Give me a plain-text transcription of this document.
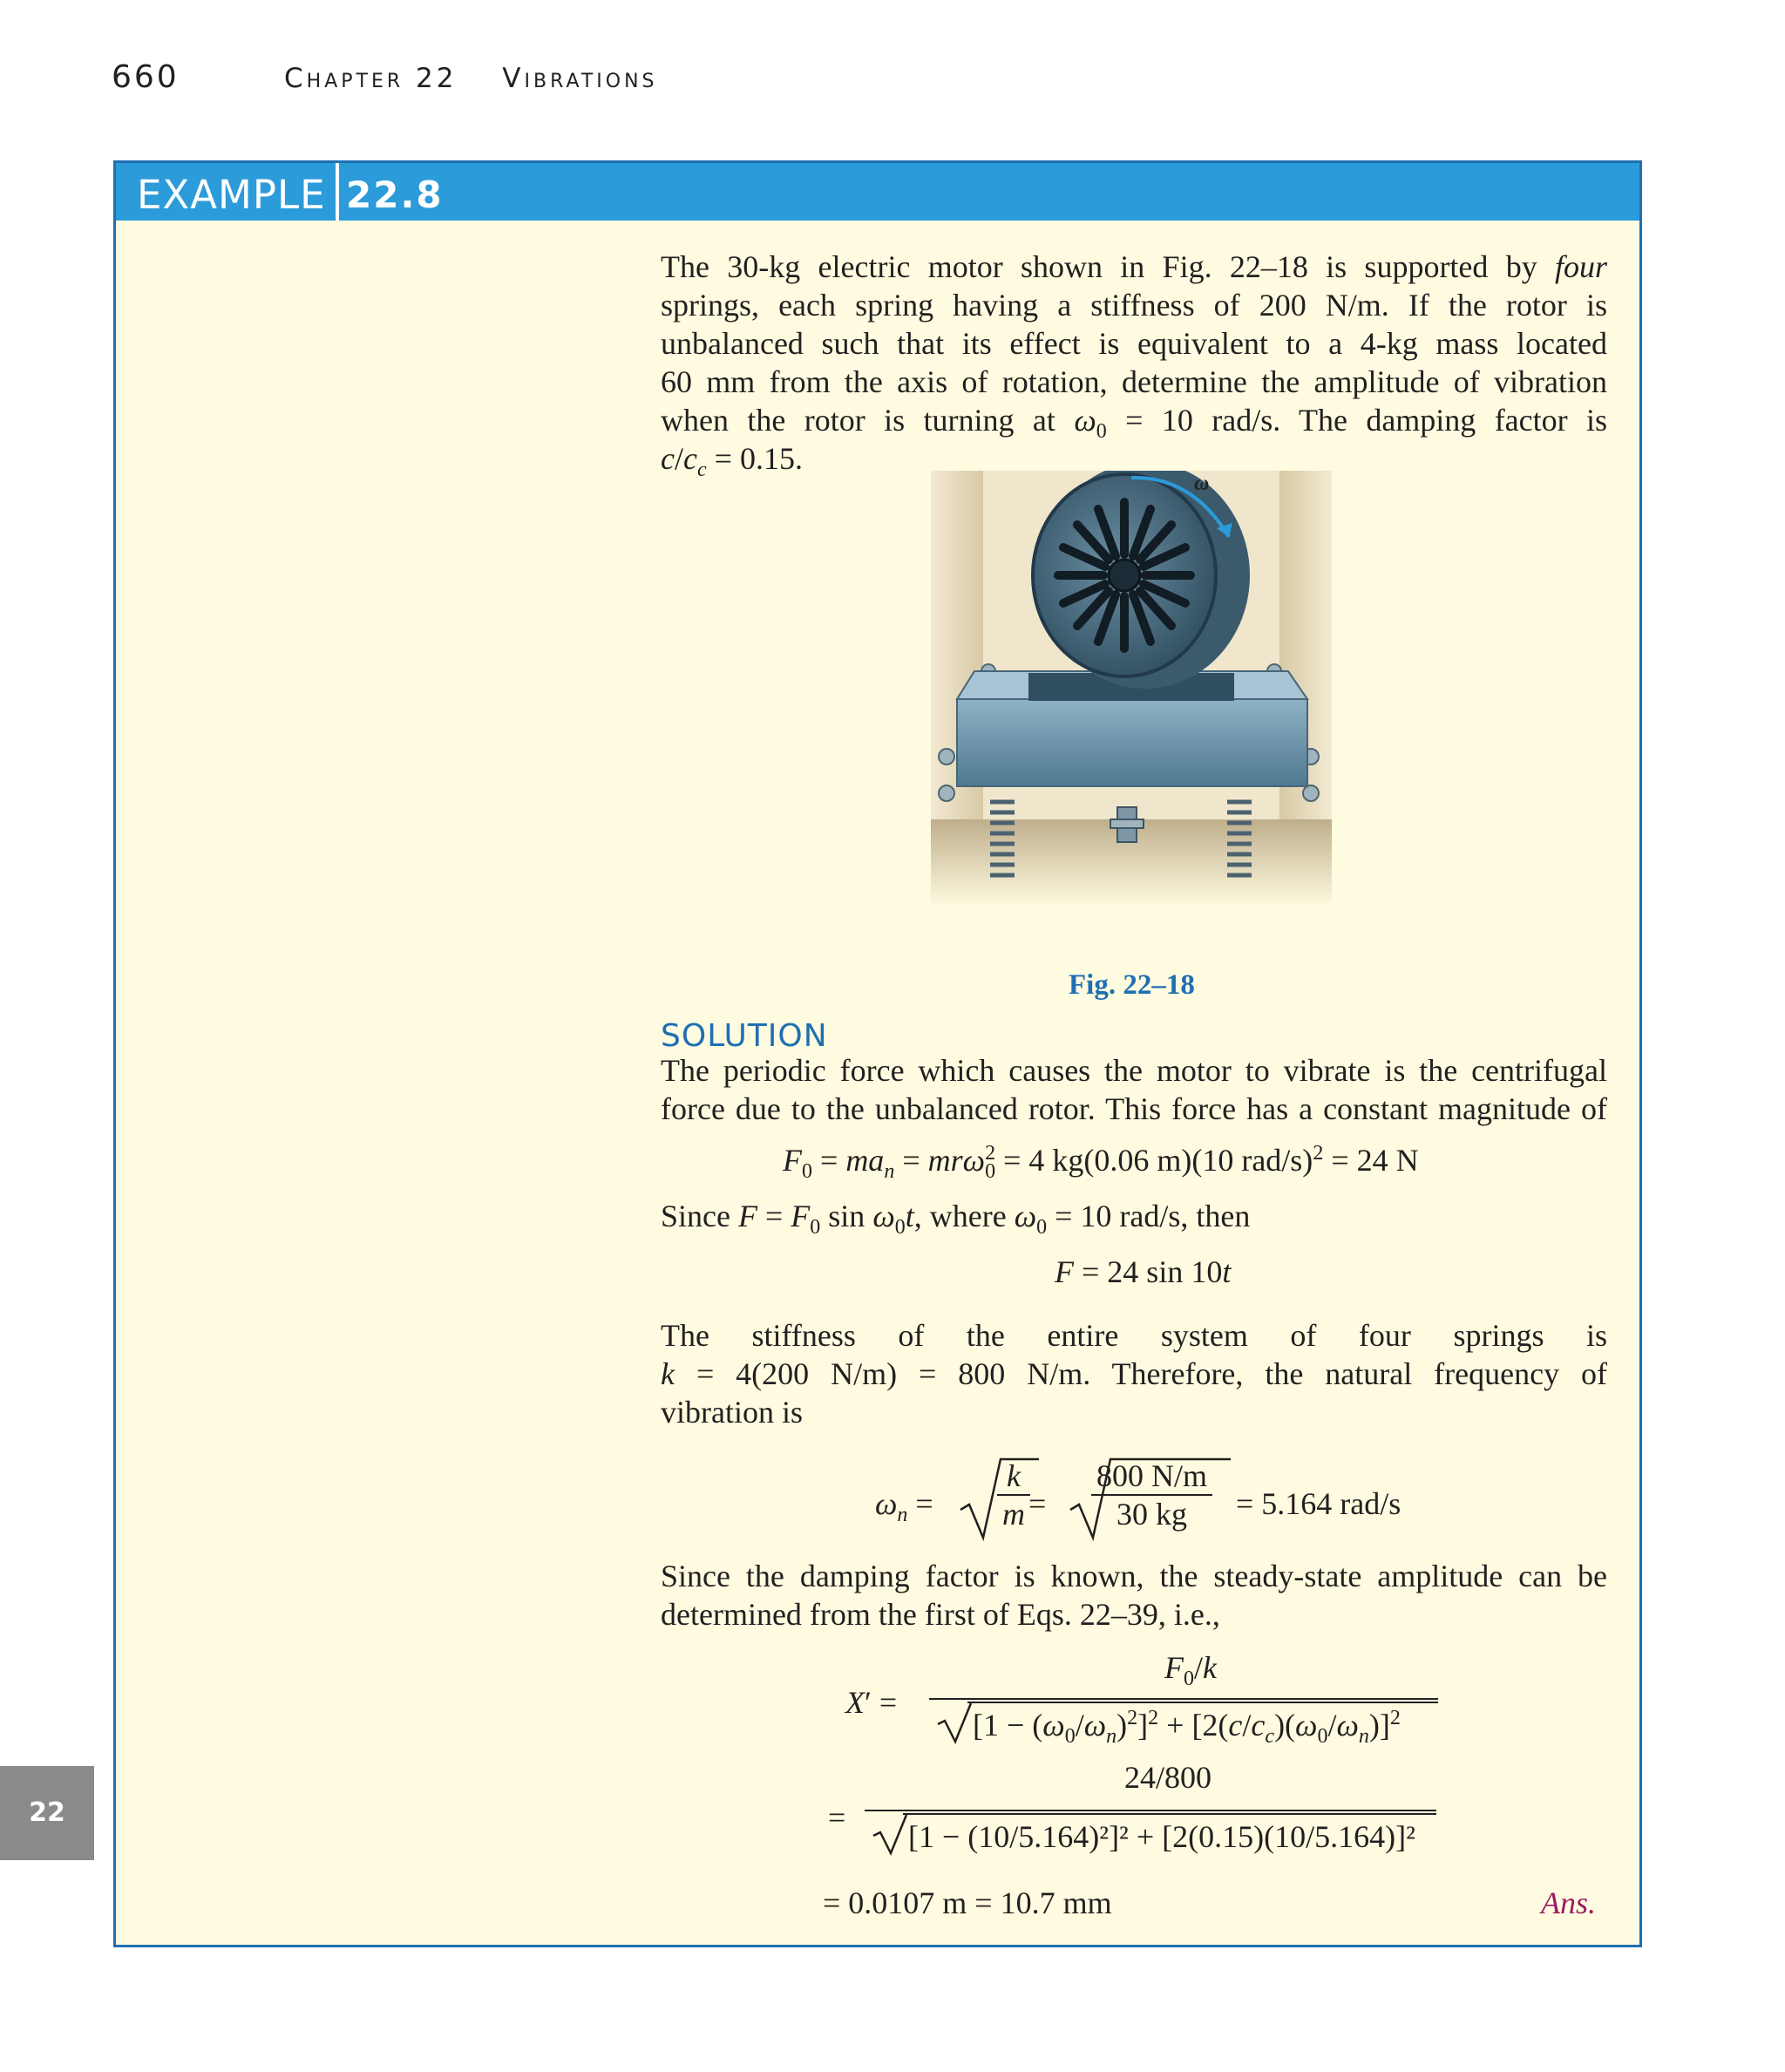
660	Chapter 22 Vibrations
EXAMPLE 22.8
The 30-kg electric motor shown in Fig. 22–18 is supported by four
springs, each spring having a stiffness of 200 N/m. If the rotor is
unbalanced such that its effect is equivalent to a 4-kg mass located
60 mm from the axis of rotation, determine the amplitude of vibration
when the rotor is turning at $\omega_0 = 10$ rad/s. The damping factor is
$c/c_c = 0.15$.
ω
Fig. 22–18
SOLUTION
The periodic force which causes the motor to vibrate is the centrifugal
force due to the unbalanced rotor. This force has a constant magnitude of
$F_0 = ma_n = mr\omega^2_0 = 4$ kg(0.06 m)(10 rad/s)$^2$ = 24 N
Since $F = F_0$ $\sin \omega_0t$, where $\omega_0 = 10$ rad/s, then
F = 24 sin 10t
The stiffness of the entire system of four springs is
k = 4(200 N/m) = 800 N/m. Therefore, the natural frequency of
vibration is
$\omega_n = \frac{k}{m}$
= $\frac{800 N/m}{30 kg} = 5.164$ rad/s
Since the damping factor is known, the steady-state amplitude can be
determined from the first of Eqs. 22–39, i.e.,
X′ =
$F_0/k$
$[1 - (\omega_0/\omega_n)^2]^2 + [2(c/c_c)(\omega_0/\omega_n)]^2$
=
24/800
[1 − (10/5.164)²]² + [2(0.15)(10/5.164)]²
= 0.0107 m = 10.7 mm	Ans.
22
